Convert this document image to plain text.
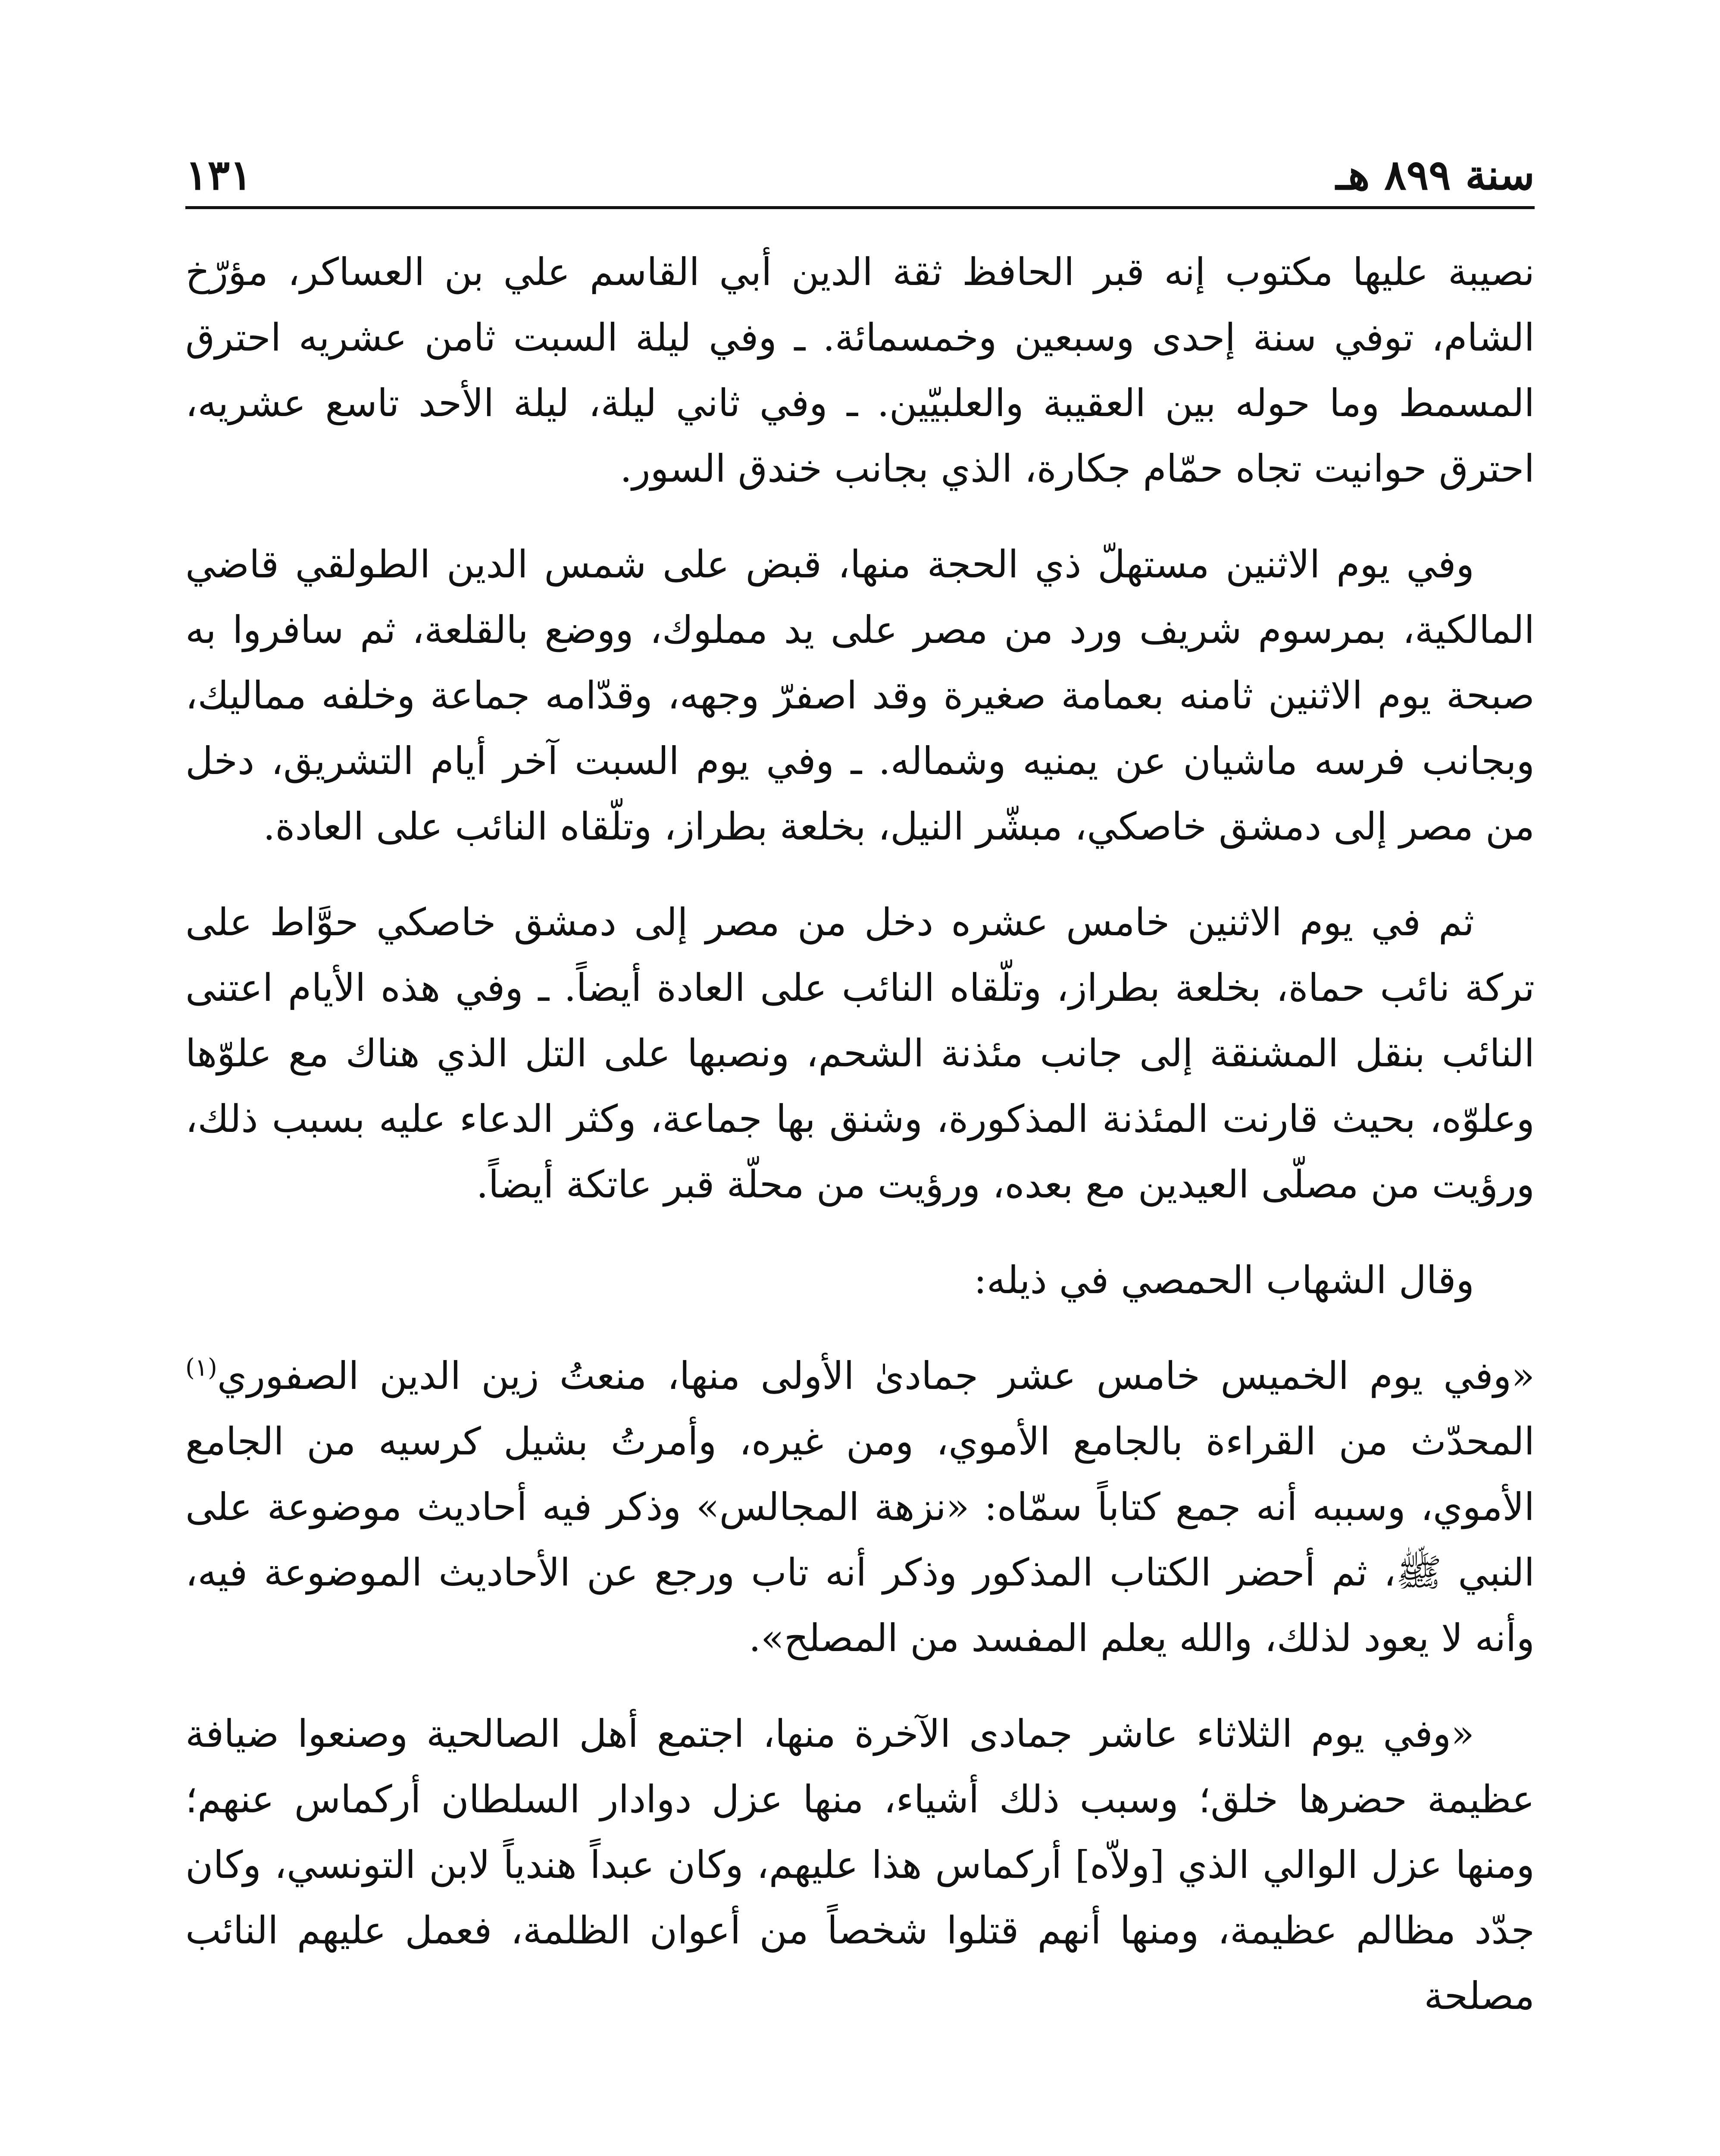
سنة ٨٩٩ هـ
١٣١

نصيبة عليها مكتوب إنه قبر الحافظ ثقة الدين أبي القاسم علي بن العساكر، مؤرّخ الشام، توفي سنة إحدى وسبعين وخمسمائة. ـ وفي ليلة السبت ثامن عشريه احترق المسمط وما حوله بين العقيبة والعلبيّين. ـ وفي ثاني ليلة، ليلة الأحد تاسع عشريه، احترق حوانيت تجاه حمّام جكارة، الذي بجانب خندق السور.

وفي يوم الاثنين مستهلّ ذي الحجة منها، قبض على شمس الدين الطولقي قاضي المالكية، بمرسوم شريف ورد من مصر على يد مملوك، ووضع بالقلعة، ثم سافروا به صبحة يوم الاثنين ثامنه بعمامة صغيرة وقد اصفرّ وجهه، وقدّامه جماعة وخلفه مماليك، وبجانب فرسه ماشيان عن يمنيه وشماله. ـ وفي يوم السبت آخر أيام التشريق، دخل من مصر إلى دمشق خاصكي، مبشّر النيل، بخلعة بطراز، وتلّقاه النائب على العادة.

ثم في يوم الاثنين خامس عشره دخل من مصر إلى دمشق خاصكي حوَّاط على تركة نائب حماة، بخلعة بطراز، وتلّقاه النائب على العادة أيضاً. ـ وفي هذه الأيام اعتنى النائب بنقل المشنقة إلى جانب مئذنة الشحم، ونصبها على التل الذي هناك مع علوّها وعلوّه، بحيث قارنت المئذنة المذكورة، وشنق بها جماعة، وكثر الدعاء عليه بسبب ذلك، ورؤيت من مصلّى العيدين مع بعده، ورؤيت من محلّة قبر عاتكة أيضاً.

وقال الشهاب الحمصي في ذيله:

«وفي يوم الخميس خامس عشر جمادىٰ الأولى منها، منعتُ زين الدين الصفوري$^{(١)}$ المحدّث من القراءة بالجامع الأموي، ومن غيره، وأمرتُ بشيل كرسيه من الجامع الأموي، وسببه أنه جمع كتاباً سمّاه: «نزهة المجالس» وذكر فيه أحاديث موضوعة على النبي ﷺ، ثم أحضر الكتاب المذكور وذكر أنه تاب ورجع عن الأحاديث الموضوعة فيه، وأنه لا يعود لذلك، والله يعلم المفسد من المصلح».

«وفي يوم الثلاثاء عاشر جمادى الآخرة منها، اجتمع أهل الصالحية وصنعوا ضيافة عظيمة حضرها خلق؛ وسبب ذلك أشياء، منها عزل دوادار السلطان أركماس عنهم؛ ومنها عزل الوالي الذي [ولاّه] أركماس هذا عليهم، وكان عبداً هندياً لابن التونسي، وكان جدّد مظالم عظيمة، ومنها أنهم قتلوا شخصاً من أعوان الظلمة، فعمل عليهم النائب مصلحة
